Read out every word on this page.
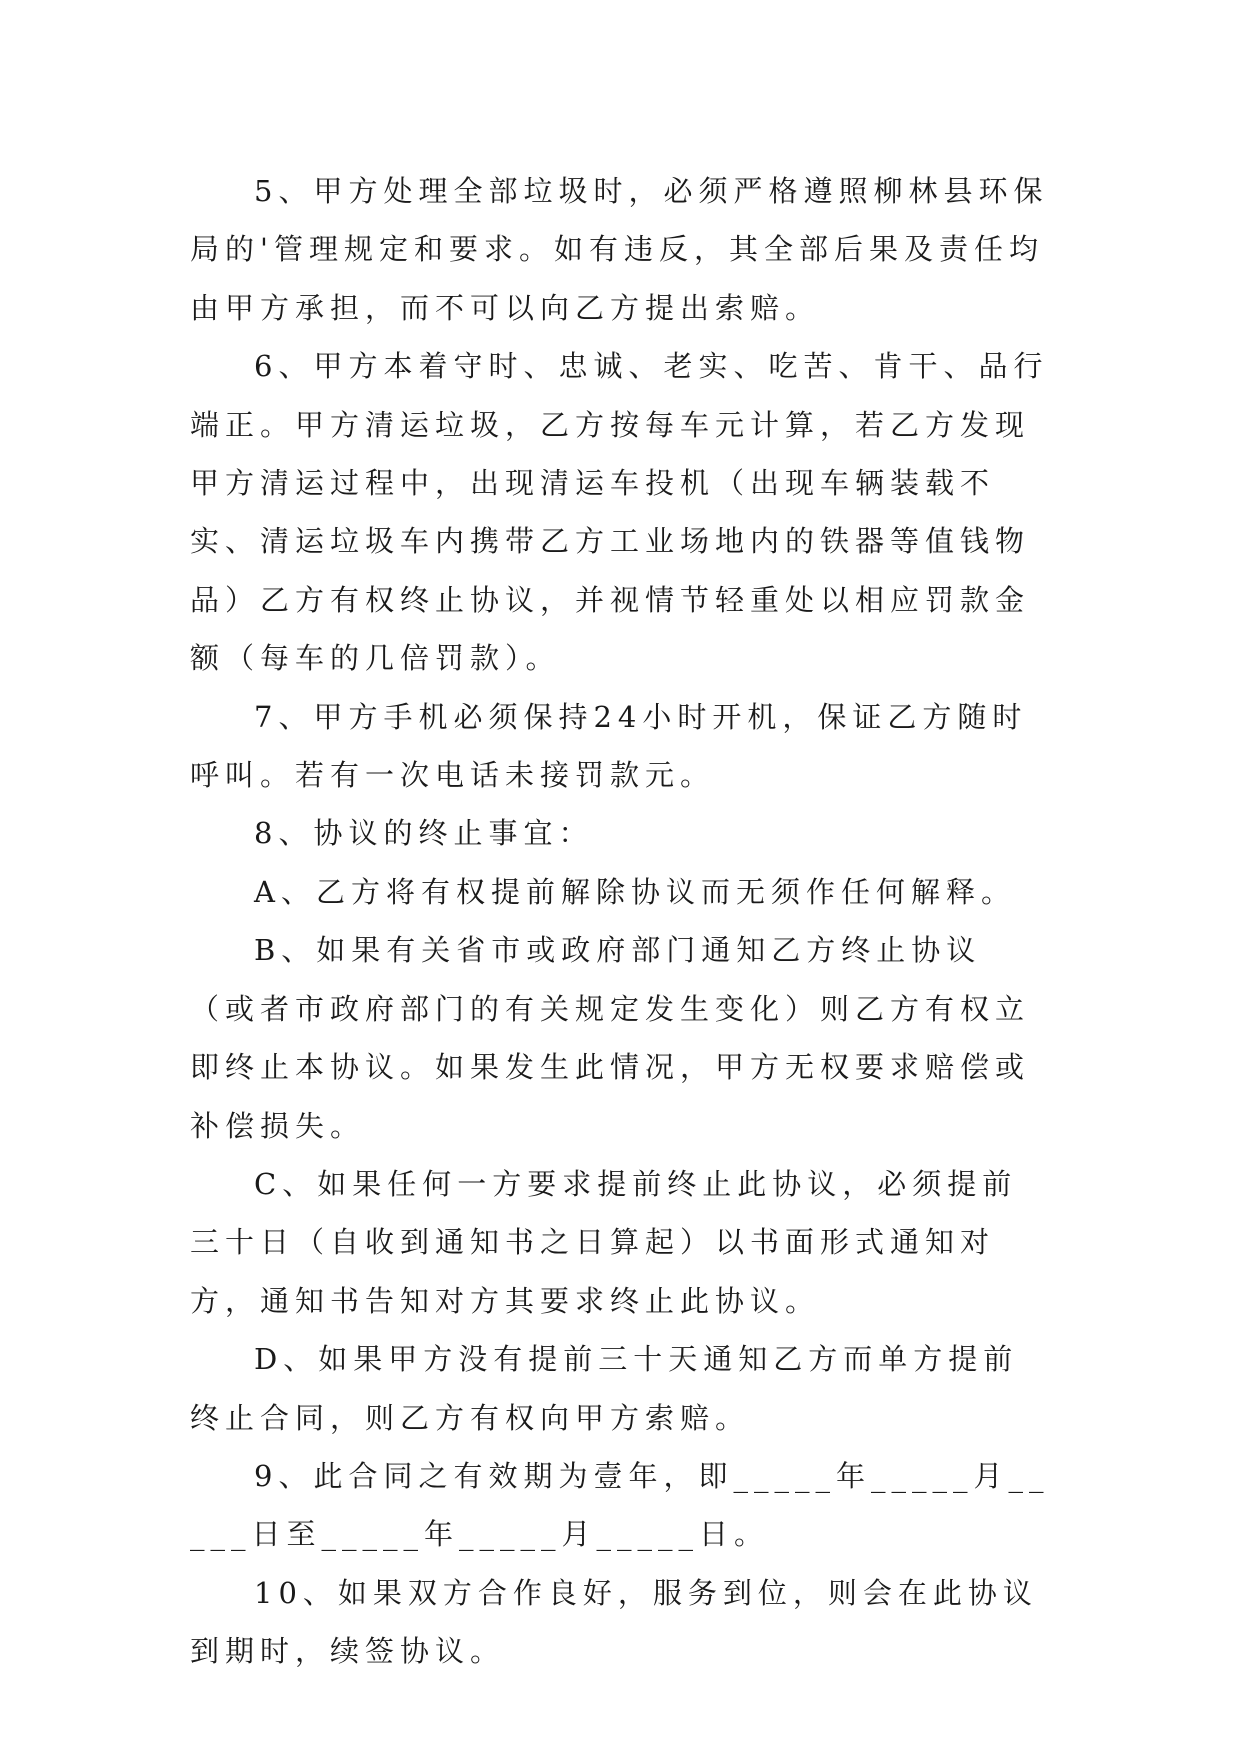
5、甲方处理全部垃圾时，必须严格遵照柳林县环保局的'管理规定和要求。如有违反，其全部后果及责任均由甲方承担，而不可以向乙方提出索赔。

6、甲方本着守时、忠诚、老实、吃苦、肯干、品行端正。甲方清运垃圾，乙方按每车元计算，若乙方发现甲方清运过程中，出现清运车投机（出现车辆装载不实、清运垃圾车内携带乙方工业场地内的铁器等值钱物品）乙方有权终止协议，并视情节轻重处以相应罚款金额（每车的几倍罚款）。

7、甲方手机必须保持24小时开机，保证乙方随时呼叫。若有一次电话未接罚款元。

8、协议的终止事宜：

A、乙方将有权提前解除协议而无须作任何解释。

B、如果有关省市或政府部门通知乙方终止协议（或者市政府部门的有关规定发生变化）则乙方有权立即终止本协议。如果发生此情况，甲方无权要求赔偿或补偿损失。

C、如果任何一方要求提前终止此协议，必须提前三十日（自收到通知书之日算起）以书面形式通知对方，通知书告知对方其要求终止此协议。

D、如果甲方没有提前三十天通知乙方而单方提前终止合同，则乙方有权向甲方索赔。

9、此合同之有效期为壹年，即_____年_____月_____日至_____年_____月_____日。

10、如果双方合作良好，服务到位，则会在此协议到期时，续签协议。
